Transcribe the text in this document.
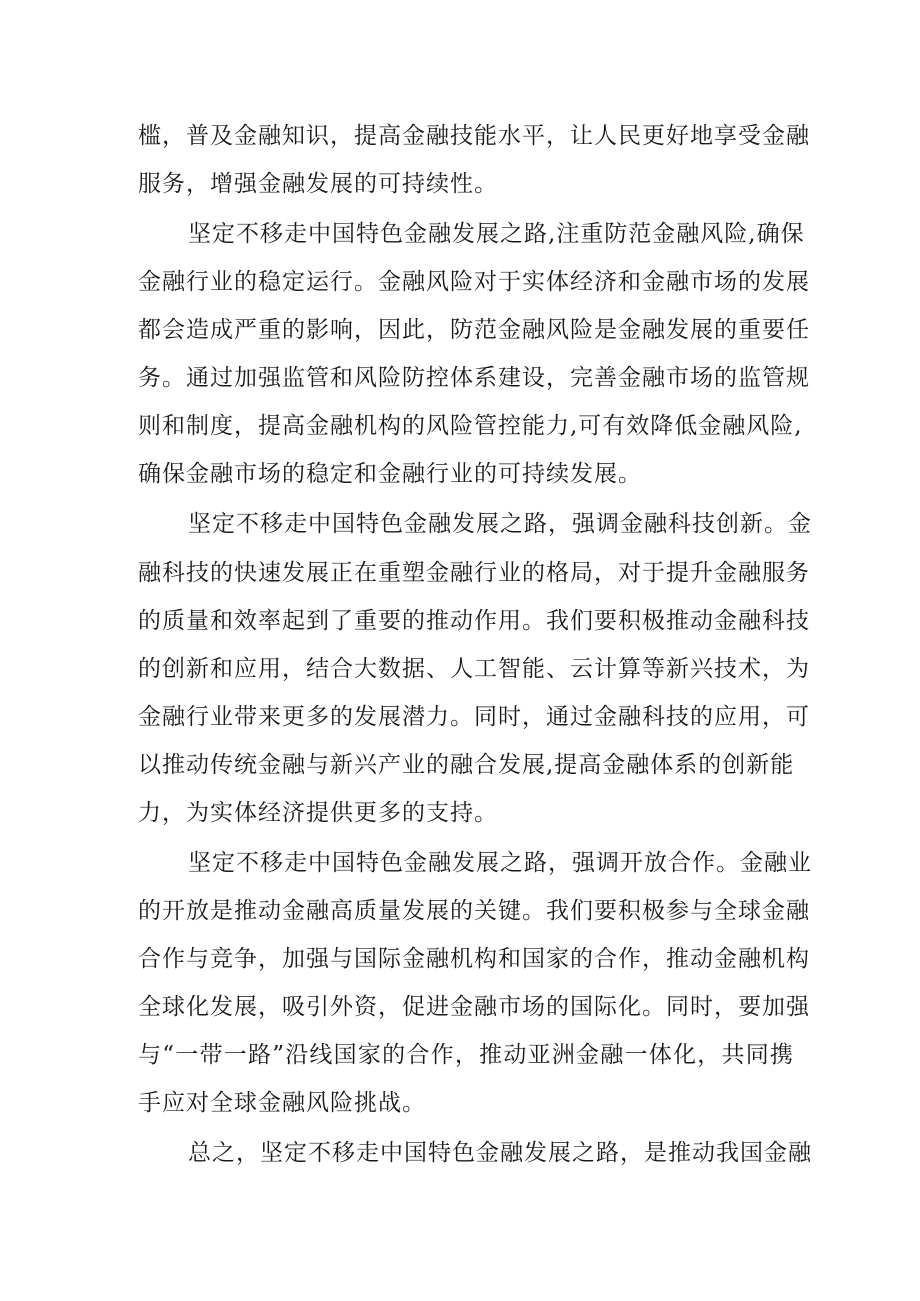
槛，普及金融知识，提高金融技能水平，让人民更好地享受金融
服务，增强金融发展的可持续性。
坚定不移走中国特色金融发展之路,注重防范金融风险,确保
金融行业的稳定运行。金融风险对于实体经济和金融市场的发展
都会造成严重的影响，因此，防范金融风险是金融发展的重要任
务。通过加强监管和风险防控体系建设，完善金融市场的监管规
则和制度，提高金融机构的风险管控能力,可有效降低金融风险,
确保金融市场的稳定和金融行业的可持续发展。
坚定不移走中国特色金融发展之路，强调金融科技创新。金
融科技的快速发展正在重塑金融行业的格局，对于提升金融服务
的质量和效率起到了重要的推动作用。我们要积极推动金融科技
的创新和应用，结合大数据、人工智能、云计算等新兴技术，为
金融行业带来更多的发展潜力。同时，通过金融科技的应用，可
以推动传统金融与新兴产业的融合发展,提高金融体系的创新能
力，为实体经济提供更多的支持。
坚定不移走中国特色金融发展之路，强调开放合作。金融业
的开放是推动金融高质量发展的关键。我们要积极参与全球金融
合作与竞争，加强与国际金融机构和国家的合作，推动金融机构
全球化发展，吸引外资，促进金融市场的国际化。同时，要加强
与“一带一路”沿线国家的合作，推动亚洲金融一体化，共同携
手应对全球金融风险挑战。
总之，坚定不移走中国特色金融发展之路，是推动我国金融
